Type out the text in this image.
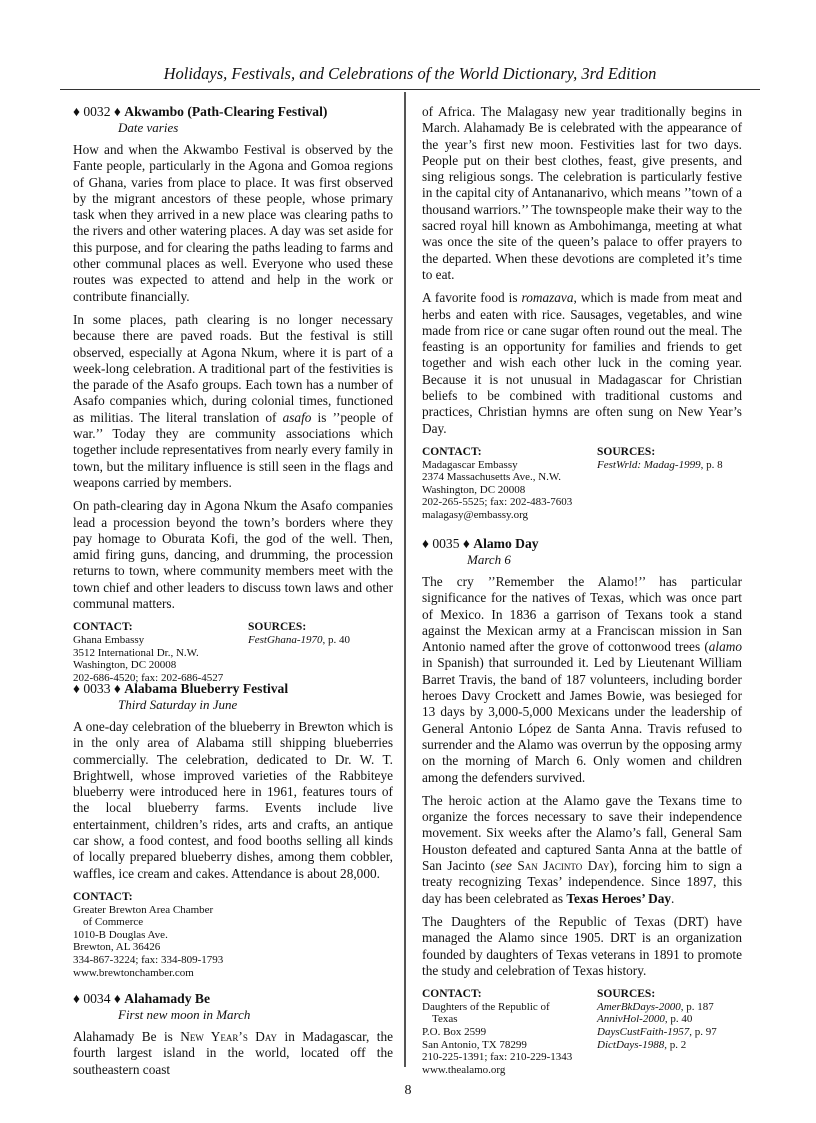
Holidays, Festivals, and Celebrations of the World Dictionary, 3rd Edition
♦ 0032 ♦ Akwambo (Path-Clearing Festival)
Date varies

How and when the Akwambo Festival is observed by the Fante people, particularly in the Agona and Gomoa regions of Ghana, varies from place to place. It was first observed by the migrant ancestors of these people, whose primary task when they arrived in a new place was clearing paths to the rivers and other watering places. A day was set aside for this purpose, and for clearing the paths leading to farms and other communal places as well. Everyone who used these routes was expected to attend and help in the work or contribute financially.

In some places, path clearing is no longer necessary because there are paved roads. But the festival is still observed, especially at Agona Nkum, where it is part of a week-long celebration. A traditional part of the festivities is the parade of the Asafo groups. Each town has a number of Asafo companies which, during colonial times, functioned as militias. The literal translation of asafo is ’’people of war.’’ Today they are community associations which together include representatives from nearly every family in town, but the military influence is still seen in the flags and weapons carried by members.

On path-clearing day in Agona Nkum the Asafo companies lead a procession beyond the town’s borders where they pay homage to Oburata Kofi, the god of the well. Then, amid firing guns, dancing, and drumming, the procession returns to town, where community members meet with the town chief and other leaders to discuss town laws and other communal matters.

CONTACT:
Ghana Embassy
3512 International Dr., N.W.
Washington, DC 20008
202-686-4520; fax: 202-686-4527
SOURCES:
FestGhana-1970, p. 40
♦ 0033 ♦ Alabama Blueberry Festival
Third Saturday in June

A one-day celebration of the blueberry in Brewton which is in the only area of Alabama still shipping blueberries commercially. The celebration, dedicated to Dr. W. T. Brightwell, whose improved varieties of the Rabbiteye blueberry were introduced here in 1961, features tours of the local blueberry farms. Events include live entertainment, children’s rides, arts and crafts, an antique car show, a food contest, and food booths selling all kinds of locally prepared blueberry dishes, among them cobbler, waffles, ice cream and cakes. Attendance is about 28,000.

CONTACT:
Greater Brewton Area Chamber
of Commerce
1010-B Douglas Ave.
Brewton, AL 36426
334-867-3224; fax: 334-809-1793
www.brewtonchamber.com
♦ 0034 ♦ Alahamady Be
First new moon in March

Alahamady Be is New Year’s Day in Madagascar, the fourth largest island in the world, located off the southeastern coast

of Africa. The Malagasy new year traditionally begins in March. Alahamady Be is celebrated with the appearance of the year’s first new moon. Festivities last for two days. People put on their best clothes, feast, give presents, and sing religious songs. The celebration is particularly festive in the capital city of Antananarivo, which means ’’town of a thousand warriors.’’ The townspeople make their way to the sacred royal hill known as Ambohimanga, meeting at what was once the site of the queen’s palace to offer prayers to the departed. When these devotions are completed it’s time to eat.

A favorite food is romazava, which is made from meat and herbs and eaten with rice. Sausages, vegetables, and wine made from rice or cane sugar often round out the meal. The feasting is an opportunity for families and friends to get together and wish each other luck in the coming year. Because it is not unusual in Madagascar for Christian beliefs to be combined with traditional customs and practices, Christian hymns are often sung on New Year’s Day.

CONTACT:
Madagascar Embassy
2374 Massachusetts Ave., N.W.
Washington, DC 20008
202-265-5525; fax: 202-483-7603
malagasy@embassy.org
SOURCES:
FestWrld: Madag-1999, p. 8
♦ 0035 ♦ Alamo Day
March 6

The cry ’’Remember the Alamo!’’ has particular significance for the natives of Texas, which was once part of Mexico. In 1836 a garrison of Texans took a stand against the Mexican army at a Franciscan mission in San Antonio named after the grove of cottonwood trees (alamo in Spanish) that surrounded it. Led by Lieutenant William Barret Travis, the band of 187 volunteers, including border heroes Davy Crockett and James Bowie, was besieged for 13 days by 3,000-5,000 Mexicans under the leadership of General Antonio López de Santa Anna. Travis refused to surrender and the Alamo was overrun by the opposing army on the morning of March 6. Only women and children among the defenders survived.

The heroic action at the Alamo gave the Texans time to organize the forces necessary to save their independence movement. Six weeks after the Alamo’s fall, General Sam Houston defeated and captured Santa Anna at the battle of San Jacinto (see San Jacinto Day), forcing him to sign a treaty recognizing Texas’ independence. Since 1897, this day has been celebrated as Texas Heroes’ Day.

The Daughters of the Republic of Texas (DRT) have managed the Alamo since 1905. DRT is an organization founded by daughters of Texas veterans in 1891 to promote the study and celebration of Texas history.

CONTACT:
Daughters of the Republic of
Texas
P.O. Box 2599
San Antonio, TX 78299
210-225-1391; fax: 210-229-1343
www.thealamo.org
SOURCES:
AmerBkDays-2000, p. 187
AnnivHol-2000, p. 40
DaysCustFaith-1957, p. 97
DictDays-1988, p. 2
8
